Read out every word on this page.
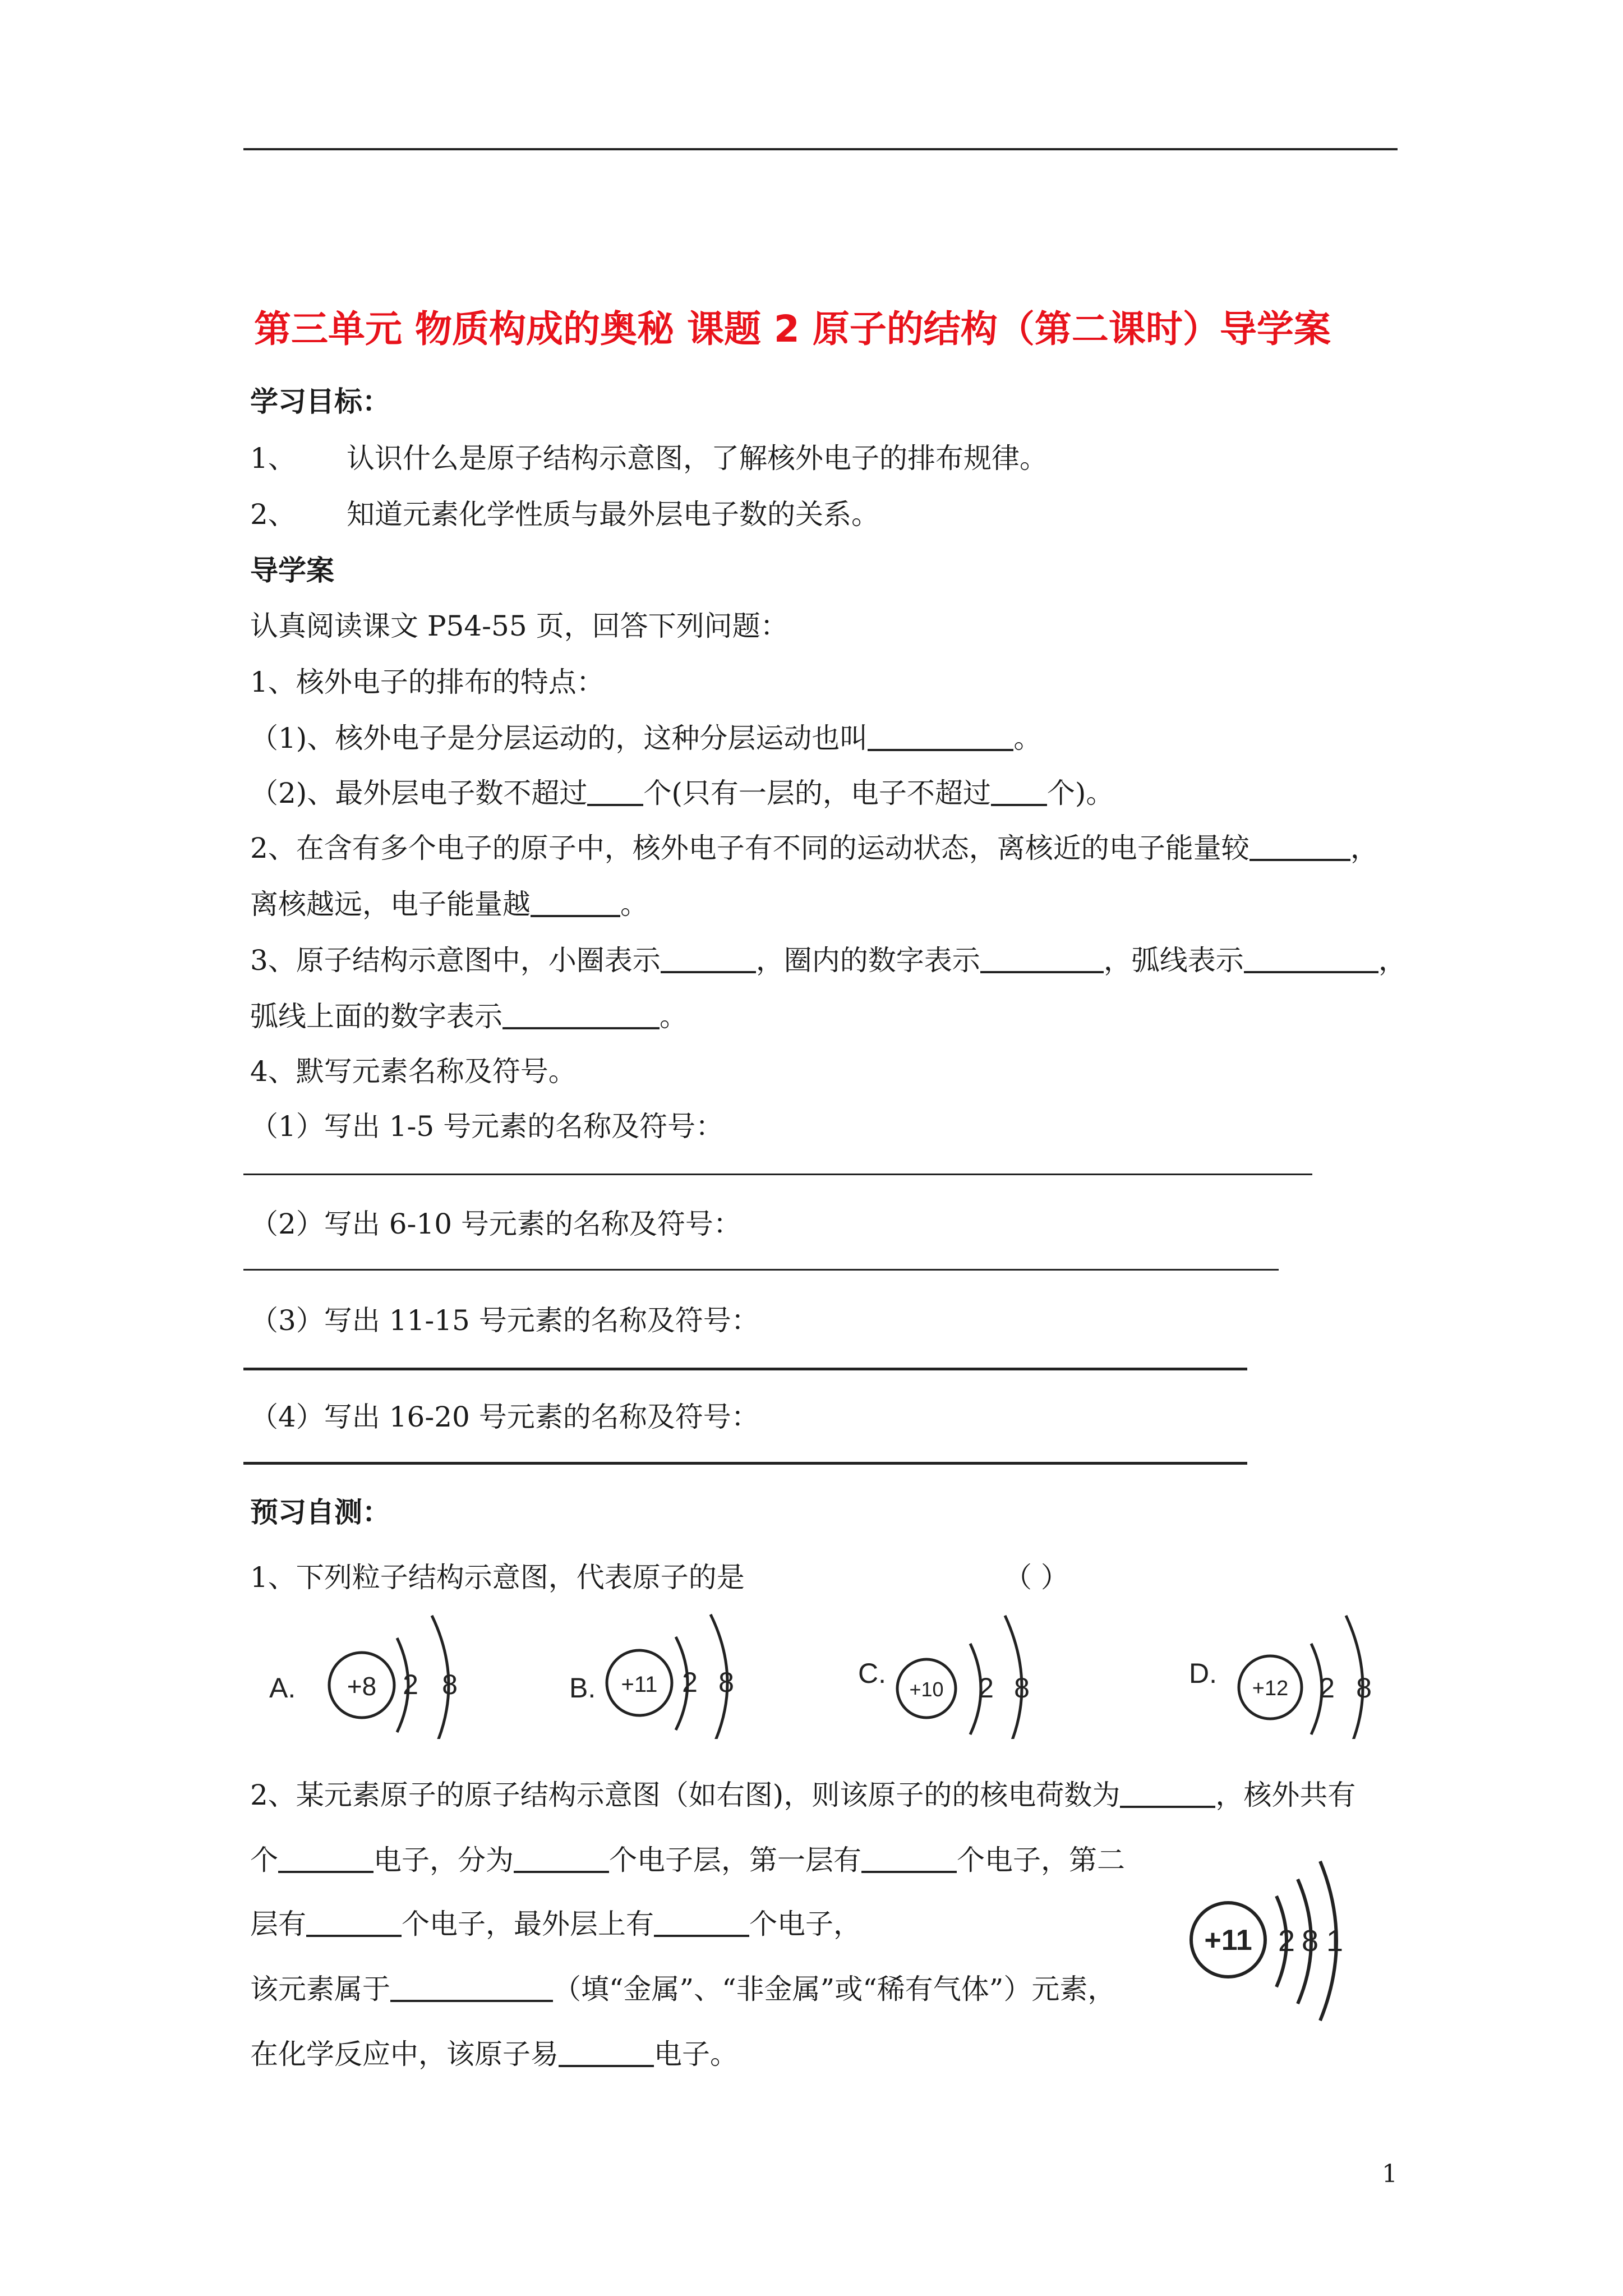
第三单元 物质构成的奥秘 课题 2 原子的结构（第二课时）导学案
学习目标：
1、 认识什么是原子结构示意图，了解核外电子的排布规律。
2、 知道元素化学性质与最外层电子数的关系。
导学案
认真阅读课文 P54-55 页，回答下列问题：
1、核外电子的排布的特点：
（1)、核外电子是分层运动的，这种分层运动也叫	。
（2)、最外层电子数不超过 个(只有一层的，电子不超过 个)。
2、在含有多个电子的原子中，核外电子有不同的运动状态，离核近的电子能量较	，
离核越远，电子能量越	。
3、原子结构示意图中，小圈表示	，圈内的数字表示	，弧线表示	，
弧线上面的数字表示	。
4、默写元素名称及符号。
（1）写出 1-5 号元素的名称及符号：
（2）写出 6-10 号元素的名称及符号：
（3）写出 11-15 号元素的名称及符号：
（4）写出 16-20 号元素的名称及符号：
预习自测：
1、下列粒子结构示意图，代表原子的是	（ ）
A. +8 2 8	B. +11 2 8	C.
+10 2 8	D. +12 2 8
2、某元素原子的原子结构示意图（如右图)，则该原子的的核电荷数为	，核外共有
个	电子，分为	个电子层，第一层有	个电子，第二
层有	个电子，最外层上有	个电子，
该元素属于	（填“金属”、“非金属”或“稀有气体”）元素，
在化学反应中，该原子易	电子。
+11 2 8 1
1
